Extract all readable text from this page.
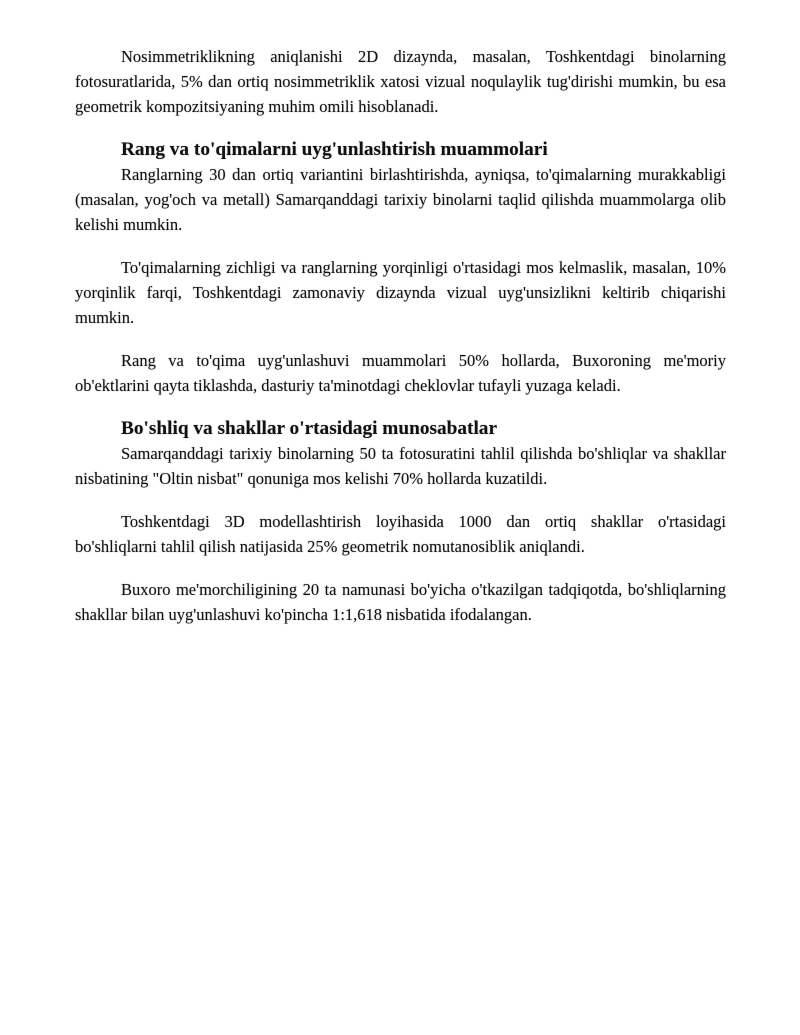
Nosimmetriklikning aniqlanishi 2D dizaynda, masalan, Toshkentdagi binolarning fotosuratlarida, 5% dan ortiq nosimmetriklik xatosi vizual noqulaylik tug'dirishi mumkin, bu esa geometrik kompozitsiyaning muhim omili hisoblanadi.

Rang va to'qimalarni uyg'unlashtirish muammolari

Ranglarning 30 dan ortiq variantini birlashtirishda, ayniqsa, to'qimalarning murakkabligi (masalan, yog'och va metall) Samarqanddagi tarixiy binolarni taqlid qilishda muammolarga olib kelishi mumkin.

To'qimalarning zichligi va ranglarning yorqinligi o'rtasidagi mos kelmaslik, masalan, 10% yorqinlik farqi, Toshkentdagi zamonaviy dizaynda vizual uyg'unsizlikni keltirib chiqarishi mumkin.

Rang va to'qima uyg'unlashuvi muammolari 50% hollarda, Buxoroning me'moriy ob'ektlarini qayta tiklashda, dasturiy ta'minotdagi cheklovlar tufayli yuzaga keladi.

Bo'shliq va shakllar o'rtasidagi munosabatlar

Samarqanddagi tarixiy binolarning 50 ta fotosuratini tahlil qilishda bo'shliqlar va shakllar nisbatining "Oltin nisbat" qonuniga mos kelishi 70% hollarda kuzatildi.

Toshkentdagi 3D modellashtirish loyihasida 1000 dan ortiq shakllar o'rtasidagi bo'shliqlarni tahlil qilish natijasida 25% geometrik nomutanosiblik aniqlandi.

Buxoro me'morchiligining 20 ta namunasi bo'yicha o'tkazilgan tadqiqotda, bo'shliqlarning shakllar bilan uyg'unlashuvi ko'pincha 1:1,618 nisbatida ifodalangan.
